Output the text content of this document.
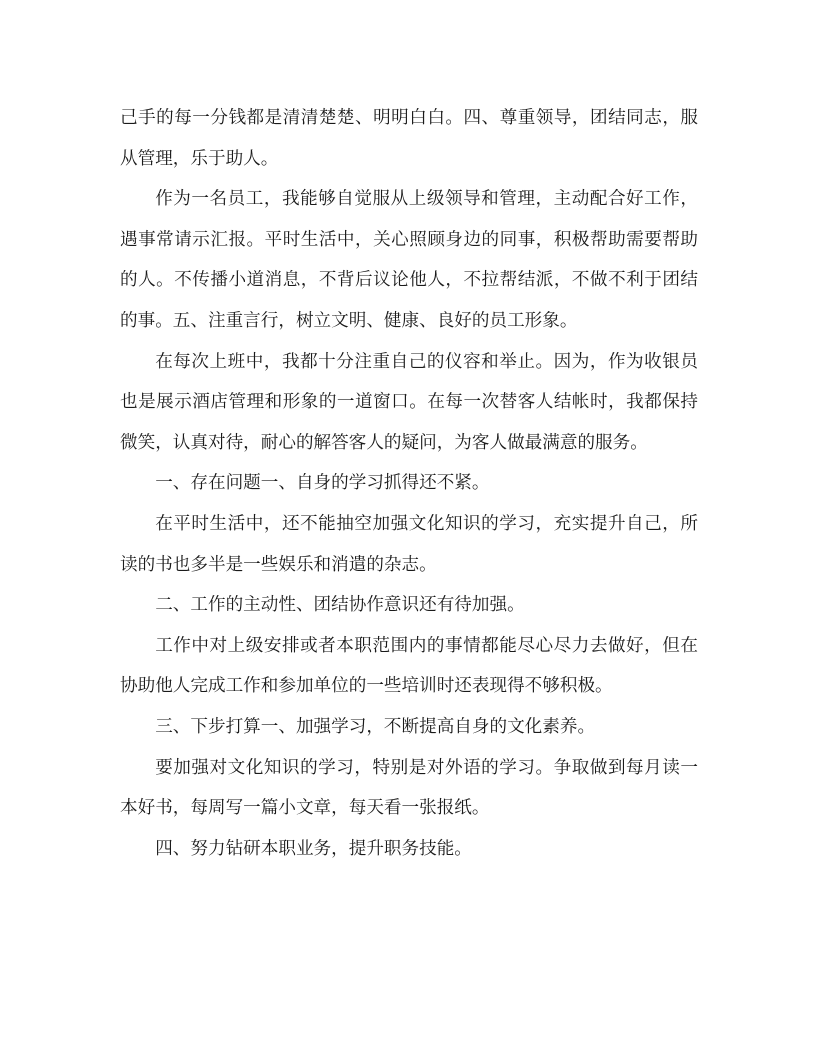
己手的每一分钱都是清清楚楚、明明白白。四、尊重领导，团结同志，服从管理，乐于助人。

作为一名员工，我能够自觉服从上级领导和管理，主动配合好工作，遇事常请示汇报。平时生活中，关心照顾身边的同事，积极帮助需要帮助的人。不传播小道消息，不背后议论他人，不拉帮结派，不做不利于团结的事。五、注重言行，树立文明、健康、良好的员工形象。

在每次上班中，我都十分注重自己的仪容和举止。因为，作为收银员也是展示酒店管理和形象的一道窗口。在每一次替客人结帐时，我都保持微笑，认真对待，耐心的解答客人的疑问，为客人做最满意的服务。

一、存在问题一、自身的学习抓得还不紧。

在平时生活中，还不能抽空加强文化知识的学习，充实提升自己，所读的书也多半是一些娱乐和消遣的杂志。

二、工作的主动性、团结协作意识还有待加强。

工作中对上级安排或者本职范围内的事情都能尽心尽力去做好，但在协助他人完成工作和参加单位的一些培训时还表现得不够积极。

三、下步打算一、加强学习，不断提高自身的文化素养。

要加强对文化知识的学习，特别是对外语的学习。争取做到每月读一本好书，每周写一篇小文章，每天看一张报纸。

四、努力钻研本职业务，提升职务技能。
